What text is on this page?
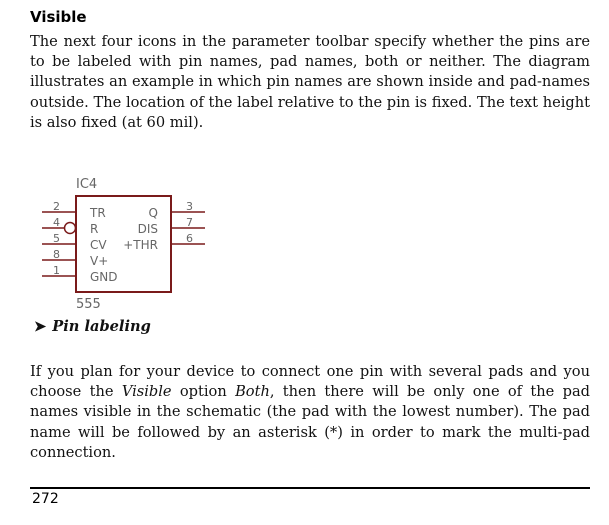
Visible

The next four icons in the parameter toolbar specify whether the pins are to be labeled with pin names, pad names, both or neither. The diagram illustrates an example in which pin names are shown inside and pad-names outside. The location of the label relative to the pin is fixed. The text height is also fixed (at 60 mil).

IC4
2
4
5
8
1
TR
R
CV
V+
GND
3
7
6
Q
DIS
+THR
555
➤ Pin labeling

If you plan for your device to connect one pin with several pads and you choose the Visible option Both, then there will be only one of the pad names visible in the schematic (the pad with the lowest number). The pad name will be followed by an asterisk (*) in order to mark the multi-pad connection.

272
